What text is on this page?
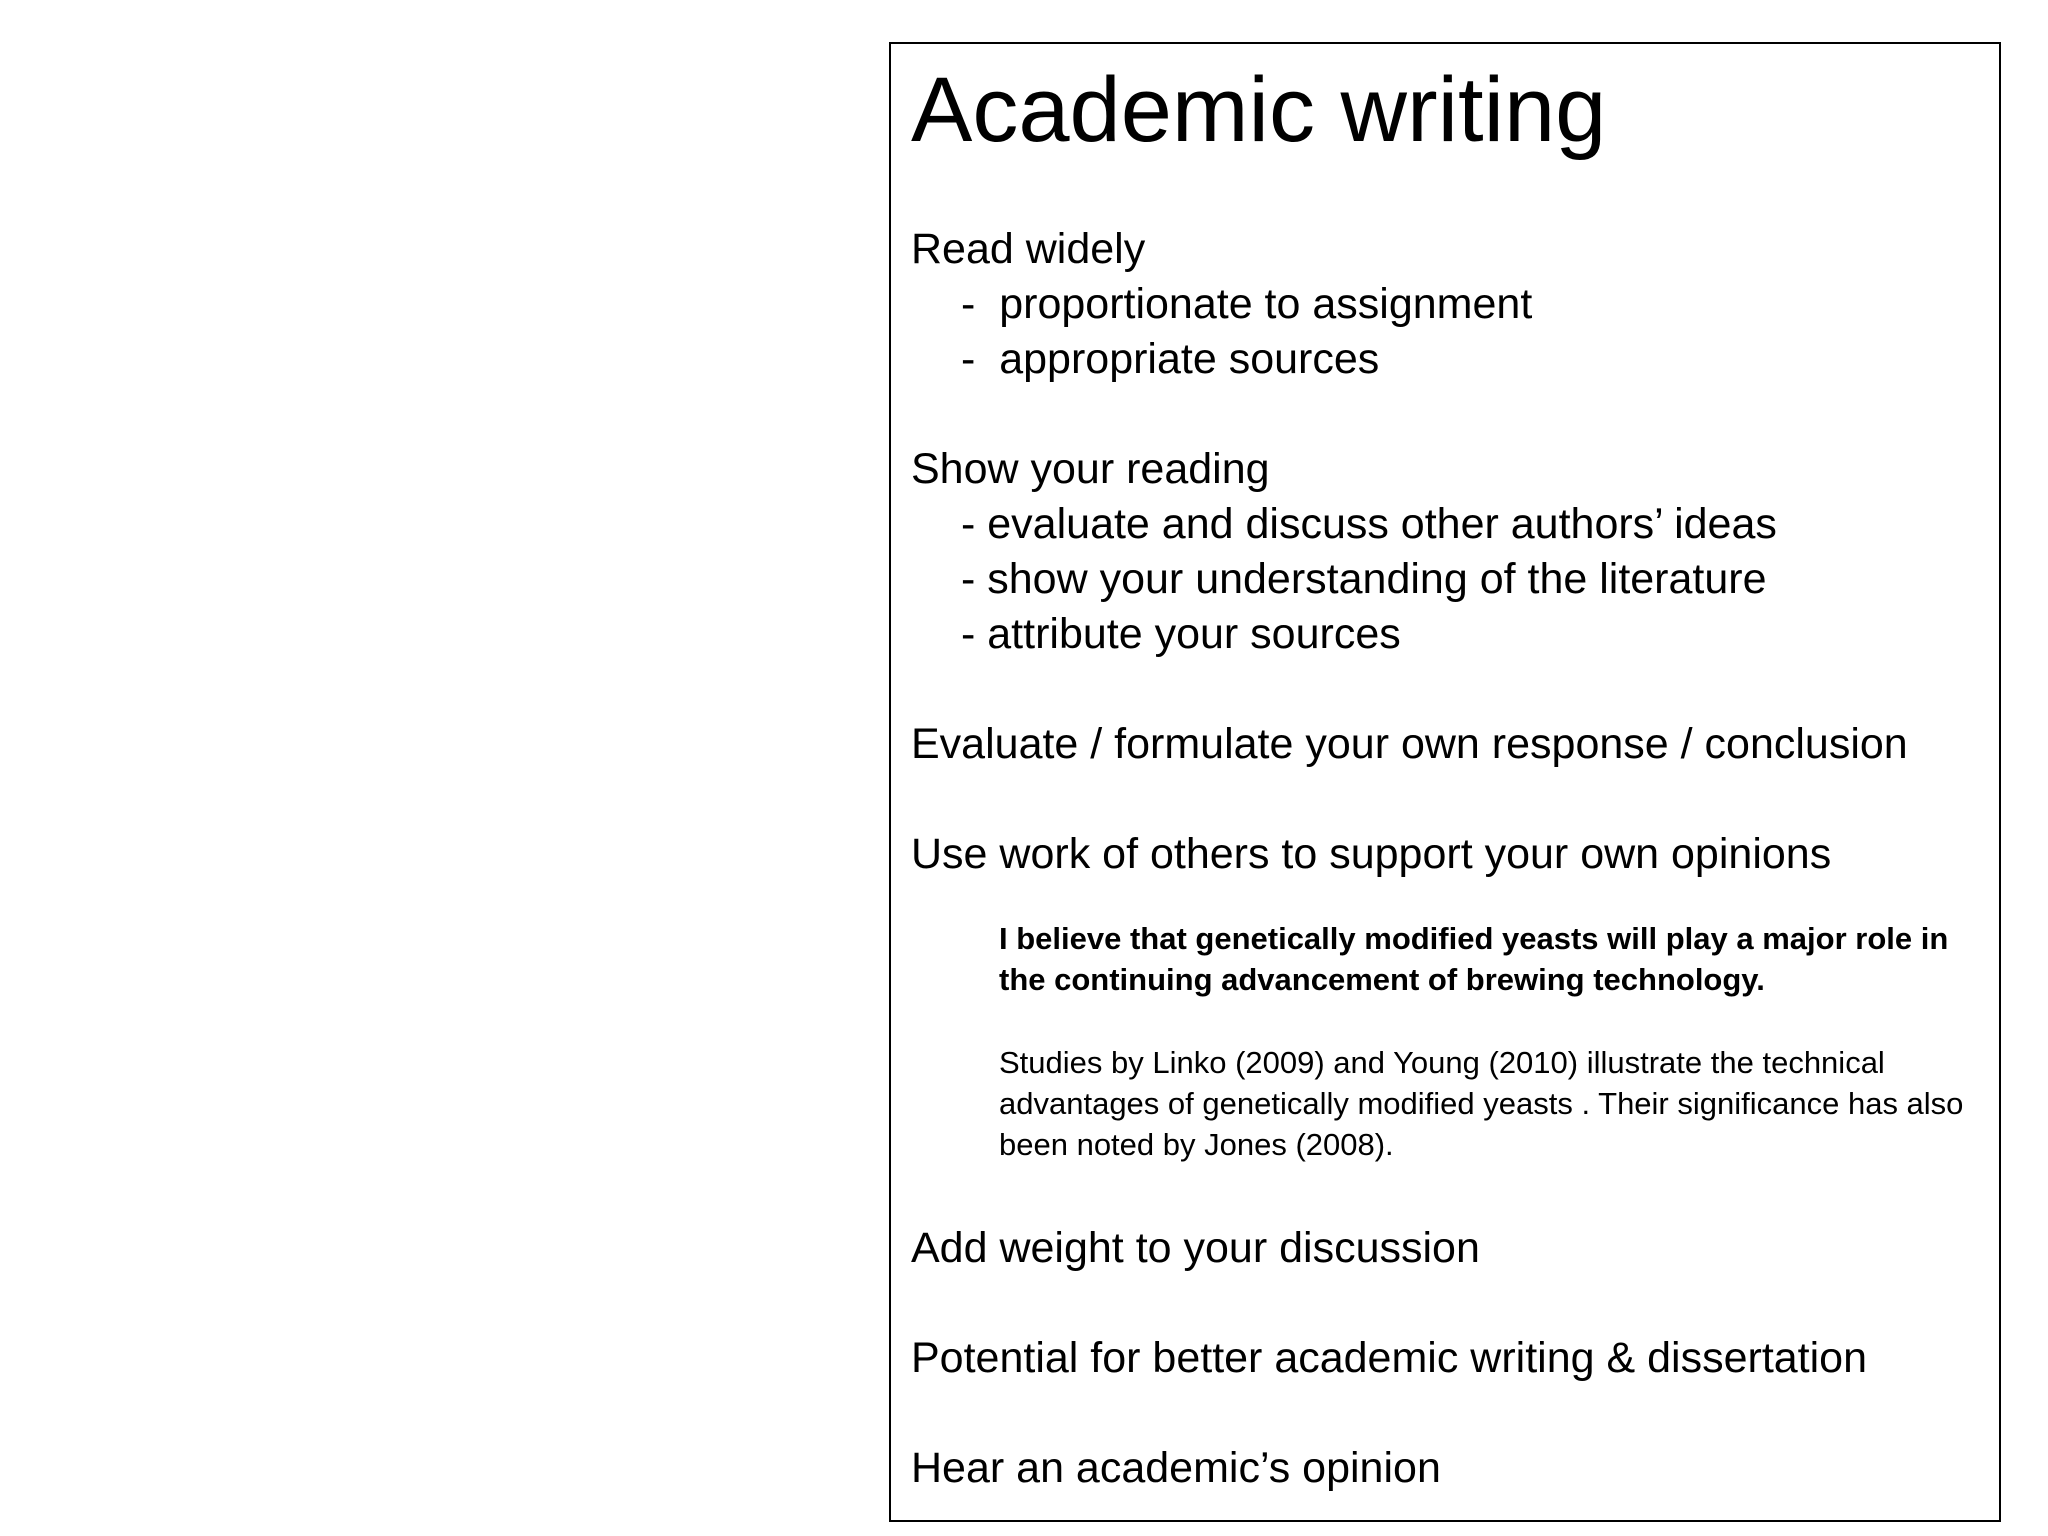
Academic writing

Read widely

-  proportionate to assignment

-  appropriate sources

Show your reading

- evaluate and discuss other authors’ ideas

- show your understanding of the literature

- attribute your sources

Evaluate / formulate your own response / conclusion

Use work of others to support your own opinions

I believe that genetically modified yeasts will play a major role in the continuing advancement of brewing technology.

Studies by Linko (2009) and Young (2010) illustrate the technical advantages of genetically modified yeasts . Their significance has also been noted by Jones (2008).

Add weight to your discussion

Potential for better academic writing & dissertation

Hear an academic’s opinion
